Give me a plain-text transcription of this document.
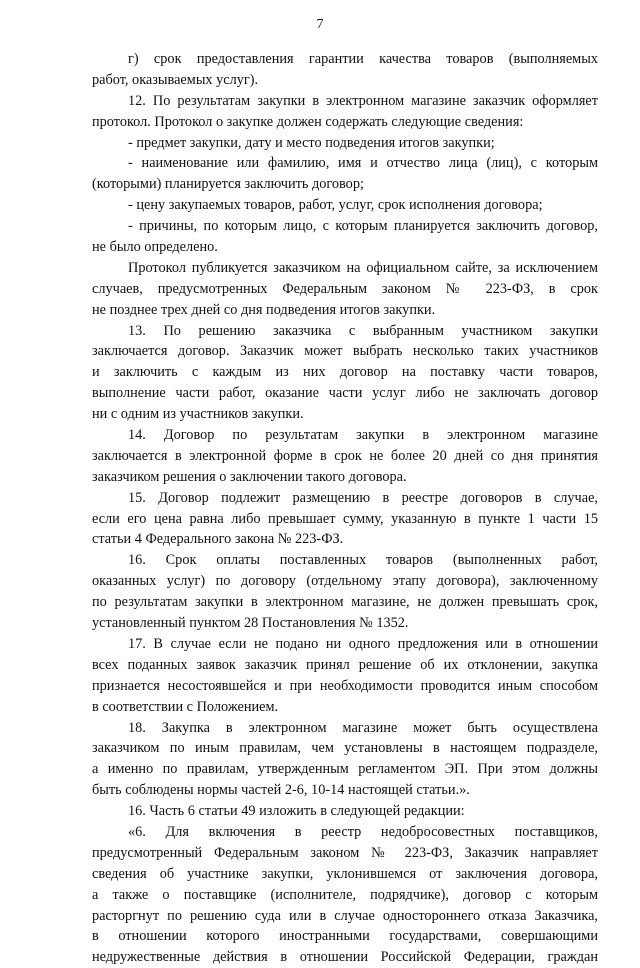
7
г) срок предоставления гарантии качества товаров (выполняемых
работ, оказываемых услуг).
12. По результатам закупки в электронном магазине заказчик оформляет
протокол. Протокол о закупке должен содержать следующие сведения:
- предмет закупки, дату и место подведения итогов закупки;
- наименование или фамилию, имя и отчество лица (лиц), с которым
(которыми) планируется заключить договор;
- цену закупаемых товаров, работ, услуг, срок исполнения договора;
- причины, по которым лицо, с которым планируется заключить договор,
не было определено.
Протокол публикуется заказчиком на официальном сайте, за исключением
случаев, предусмотренных Федеральным законом № 223-ФЗ, в срок
не позднее трех дней со дня подведения итогов закупки.
13. По решению заказчика с выбранным участником закупки
заключается договор. Заказчик может выбрать несколько таких участников
и заключить с каждым из них договор на поставку части товаров,
выполнение части работ, оказание части услуг либо не заключать договор
ни с одним из участников закупки.
14. Договор по результатам закупки в электронном магазине
заключается в электронной форме в срок не более 20 дней со дня принятия
заказчиком решения о заключении такого договора.
15. Договор подлежит размещению в реестре договоров в случае,
если его цена равна либо превышает сумму, указанную в пункте 1 части 15
статьи 4 Федерального закона № 223-ФЗ.
16. Срок оплаты поставленных товаров (выполненных работ,
оказанных услуг) по договору (отдельному этапу договора), заключенному
по результатам закупки в электронном магазине, не должен превышать срок,
установленный пунктом 28 Постановления № 1352.
17. В случае если не подано ни одного предложения или в отношении
всех поданных заявок заказчик принял решение об их отклонении, закупка
признается несостоявшейся и при необходимости проводится иным способом
в соответствии с Положением.
18. Закупка в электронном магазине может быть осуществлена
заказчиком по иным правилам, чем установлены в настоящем подразделе,
а именно по правилам, утвержденным регламентом ЭП. При этом должны
быть соблюдены нормы частей 2-6, 10-14 настоящей статьи.».
16. Часть 6 статьи 49 изложить в следующей редакции:
«6. Для включения в реестр недобросовестных поставщиков,
предусмотренный Федеральным законом № 223-ФЗ, Заказчик направляет
сведения об участнике закупки, уклонившемся от заключения договора,
а также о поставщике (исполнителе, подрядчике), договор с которым
расторгнут по решению суда или в случае одностороннего отказа Заказчика,
в отношении которого иностранными государствами, совершающими
недружественные действия в отношении Российской Федерации, граждан
